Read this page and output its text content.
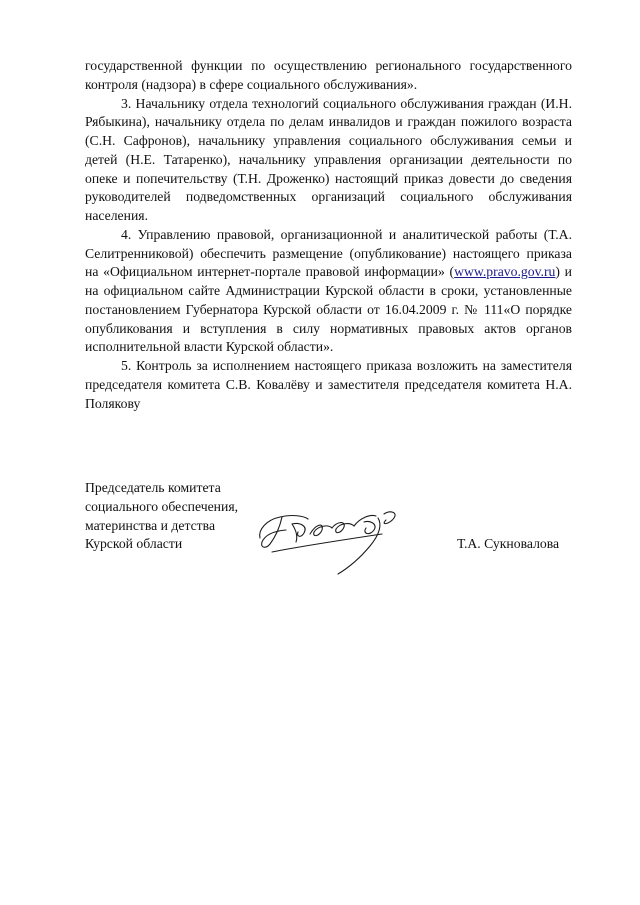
государственной функции по осуществлению регионального государственного контроля (надзора) в сфере социального обслуживания».

3. Начальнику отдела технологий социального обслуживания граждан (И.Н. Рябыкина), начальнику отдела по делам инвалидов и граждан пожилого возраста (С.Н. Сафронов), начальнику управления социального обслуживания семьи и детей (Н.Е. Татаренко), начальнику управления организации деятельности по опеке и попечительству (Т.Н. Дроженко) настоящий приказ довести до сведения руководителей подведомственных организаций социального обслуживания населения.

4. Управлению правовой, организационной и аналитической работы (Т.А. Селитренниковой) обеспечить размещение (опубликование) настоящего приказа на «Официальном интернет-портале правовой информации» (www.pravo.gov.ru) и на официальном сайте Администрации Курской области в сроки, установленные постановлением Губернатора Курской области от 16.04.2009 г. № 111«О порядке опубликования и вступления в силу нормативных правовых актов органов исполнительной власти Курской области».

5. Контроль за исполнением настоящего приказа возложить на заместителя председателя комитета С.В. Ковалёву и заместителя председателя комитета Н.А. Полякову

Председатель комитета
социального обеспечения,
материнства и детства
Курской области	Т.А. Сукновалова
